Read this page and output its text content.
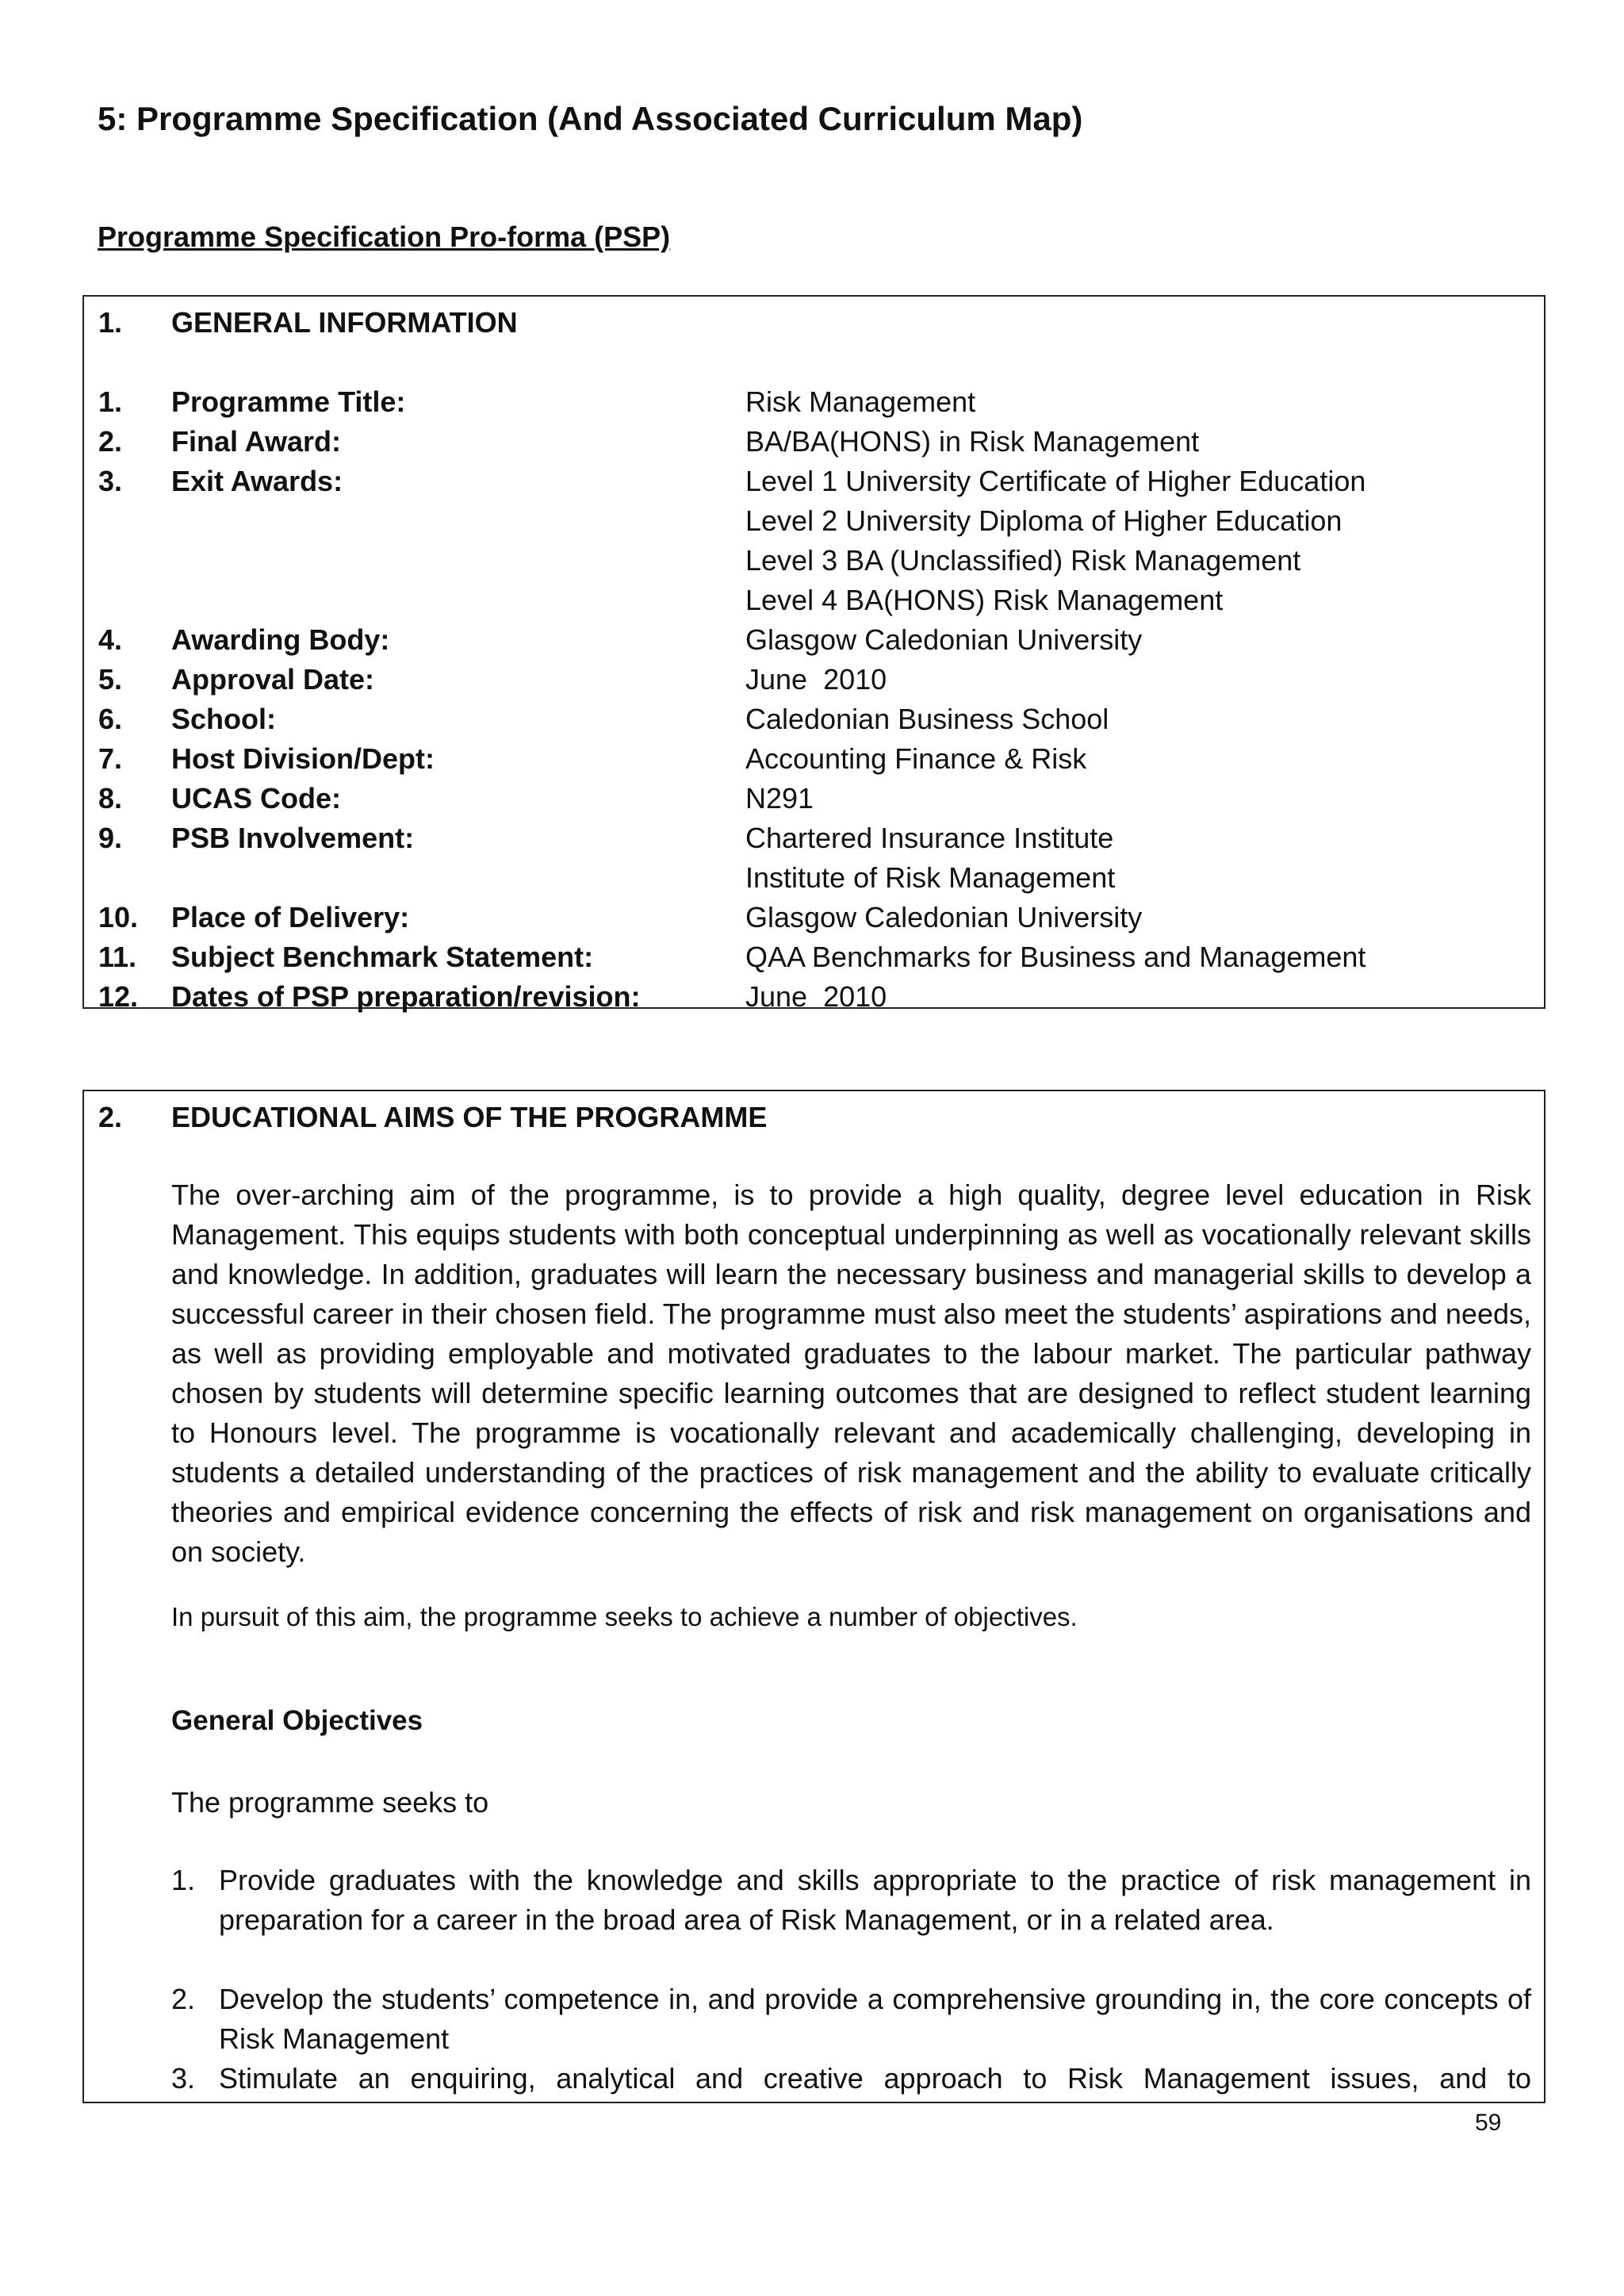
5: Programme Specification (And Associated Curriculum Map)
Programme Specification Pro-forma (PSP)
1. GENERAL INFORMATION
1. Programme Title:	Risk Management
2. Final Award:	BA/BA(HONS) in Risk Management
3. Exit Awards:	Level 1 University Certificate of Higher Education
Level 2 University Diploma of Higher Education
Level 3 BA (Unclassified) Risk Management
Level 4 BA(HONS) Risk Management
4. Awarding Body:	Glasgow Caledonian University
5. Approval Date:	June  2010
6. School:	Caledonian Business School
7. Host Division/Dept:	Accounting Finance & Risk
8. UCAS Code:	N291
9. PSB Involvement:	Chartered Insurance Institute
Institute of Risk Management
10. Place of Delivery:	Glasgow Caledonian University
11. Subject Benchmark Statement:	QAA Benchmarks for Business and Management
12. Dates of PSP preparation/revision:	June  2010
2. EDUCATIONAL AIMS OF THE PROGRAMME
The over-arching aim of the programme, is to provide a high quality, degree level education in Risk Management. This equips students with both conceptual underpinning as well as vocationally relevant skills and knowledge. In addition, graduates will learn the necessary business and managerial skills to develop a successful career in their chosen field. The programme must also meet the students’ aspirations and needs, as well as providing employable and motivated graduates to the labour market. The particular pathway chosen by students will determine specific learning outcomes that are designed to reflect student learning to Honours level. The programme is vocationally relevant and academically challenging, developing in students a detailed understanding of the practices of risk management and the ability to evaluate critically theories and empirical evidence concerning the effects of risk and risk management on organisations and on society.
In pursuit of this aim, the programme seeks to achieve a number of objectives.
General Objectives
The programme seeks to
1. Provide graduates with the knowledge and skills appropriate to the practice of risk management in preparation for a career in the broad area of Risk Management, or in a related area.
2. Develop the students’ competence in, and provide a comprehensive grounding in, the core concepts of Risk Management
3. Stimulate an enquiring, analytical and creative approach to Risk Management issues, and to
59
